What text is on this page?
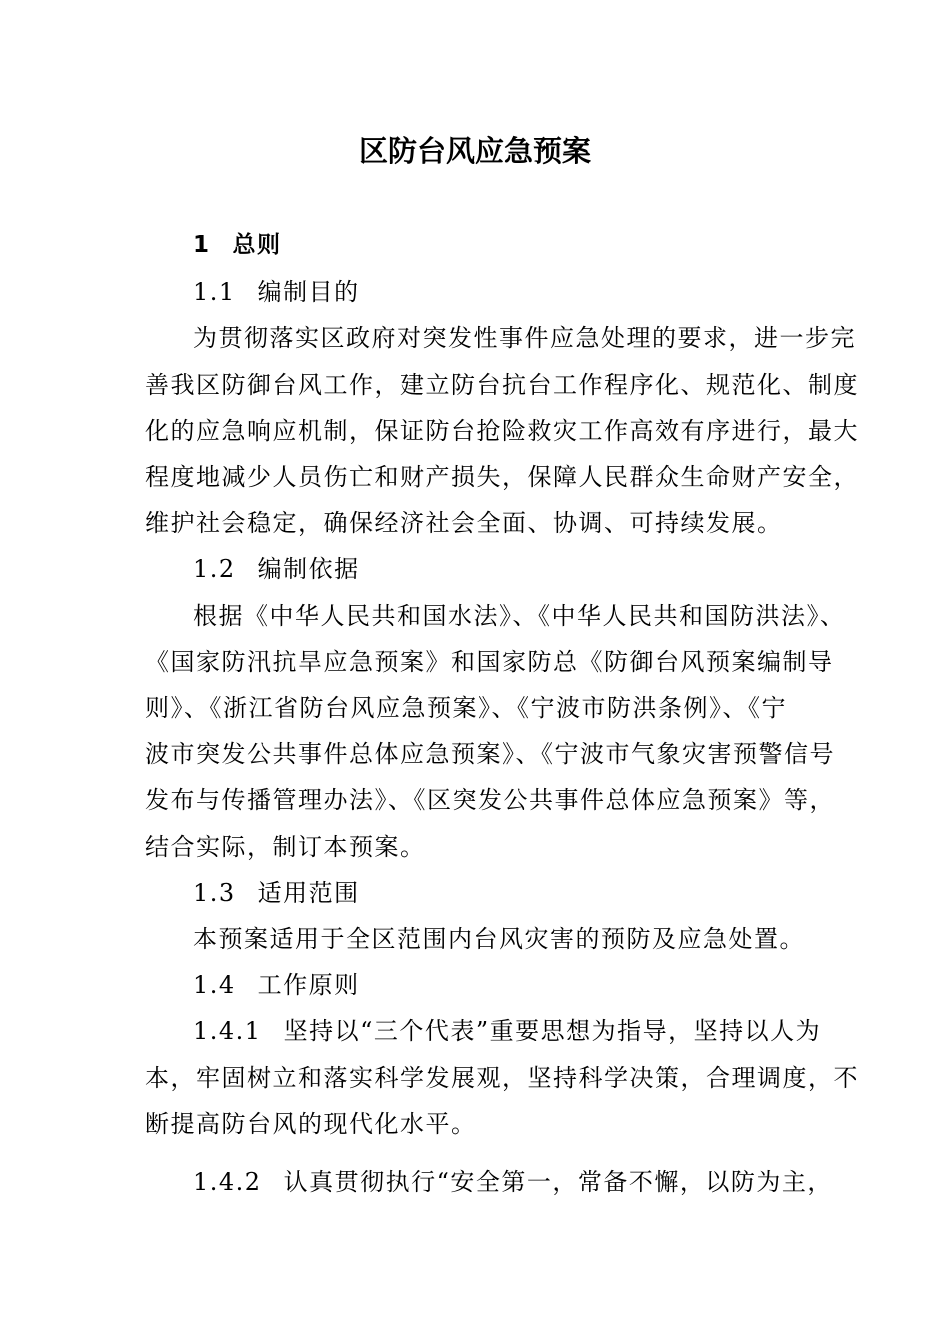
区防台风应急预案
1 总则
1.1 编制目的
为贯彻落实区政府对突发性事件应急处理的要求，进一步完
善我区防御台风工作，建立防台抗台工作程序化、规范化、制度
化的应急响应机制，保证防台抢险救灾工作高效有序进行，最大
程度地减少人员伤亡和财产损失，保障人民群众生命财产安全，
维护社会稳定，确保经济社会全面、协调、可持续发展。
1.2 编制依据
根据《中华人民共和国水法》、《中华人民共和国防洪法》、
《国家防汛抗旱应急预案》和国家防总《防御台风预案编制导
则》、《浙江省防台风应急预案》、《宁波市防洪条例》、《宁
波市突发公共事件总体应急预案》、《宁波市气象灾害预警信号
发布与传播管理办法》、《区突发公共事件总体应急预案》等，
结合实际，制订本预案。
1.3 适用范围
本预案适用于全区范围内台风灾害的预防及应急处置。
1.4 工作原则
1.4.1 坚持以“三个代表”重要思想为指导，坚持以人为
本，牢固树立和落实科学发展观，坚持科学决策，合理调度，不
断提高防台风的现代化水平。
1.4.2 认真贯彻执行“安全第一，常备不懈，以防为主，
